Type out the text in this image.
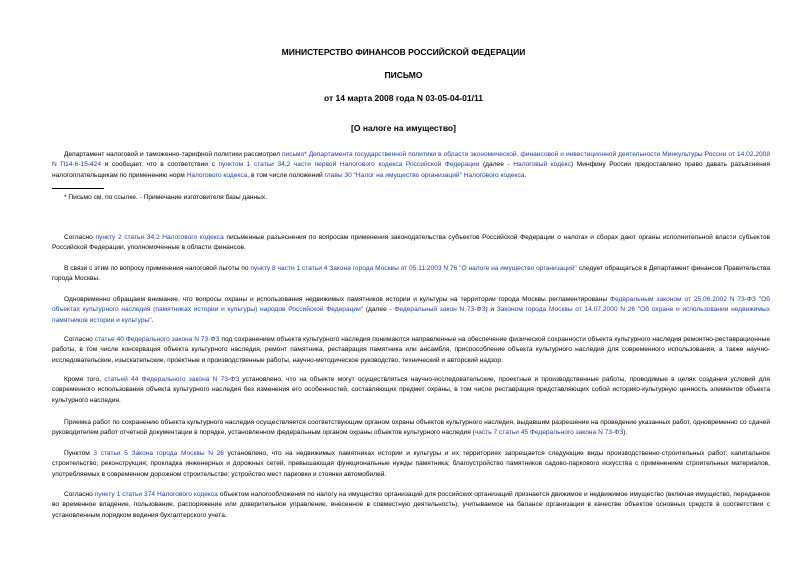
МИНИСТЕРСТВО ФИНАНСОВ РОССИЙСКОЙ ФЕДЕРАЦИИ
ПИСЬМО
от 14 марта 2008 года N 03-05-04-01/11
[О налоге на имущество]

Департамент налоговой и таможенно-тарифной политики рассмотрел письмо* Департамента государственной политики в области экономической, финансовой и инвестиционной деятельности Минкультуры России от 14.02.2008 N П14-6-15-424 и сообщает, что в соответствии с пунктом 1 статьи 34.2 части первой Налогового кодекса Российской Федерации (далее - Налоговый кодекс) Минфину России предоставлено право давать разъяснения налогоплательщикам по применению норм Налогового кодекса, в том числе положений главы 30 "Налог на имущество организаций" Налогового кодекса.

* Письмо см. по ссылке. - Примечание изготовителя базы данных.

Согласно пункту 2 статьи 34.2 Налогового кодекса письменные разъяснения по вопросам применения законодательства субъектов Российской Федерации о налогах и сборах дают органы исполнительной власти субъектов Российской Федерации, уполномоченные в области финансов.

В связи с этим по вопросу применения налоговой льготы по пункту 8 части 1 статьи 4 Закона города Москвы от 05.11.2003 N 76 "О налоге на имущество организаций" следует обращаться в Департамент финансов Правительства города Москвы.

Одновременно обращаем внимание, что вопросы охраны и использования недвижимых памятников истории и культуры на территории города Москвы регламентированы Федеральным законом от 25.06.2002 N 73-ФЗ "Об объектах культурного наследия (памятниках истории и культуры) народов Российской Федерации" (далее - Федеральный закон N 73-ФЗ) и Законом города Москвы от 14.07.2000 N 26 "Об охране и использовании недвижимых памятников истории и культуры".

Согласно статье 40 Федерального закона N 73-ФЗ под сохранением объекта культурного наследия понимаются направленные на обеспечение физической сохранности объекта культурного наследия ремонтно-реставрационные работы, в том числе консервация объекта культурного наследия, ремонт памятника, реставрация памятника или ансамбля, приспособление объекта культурного наследия для современного использования, а также научно-исследовательские, изыскательские, проектные и производственные работы, научно-методическое руководство, технический и авторский надзор.

Кроме того, статьей 44 Федерального закона N 73-ФЗ установлено, что на объекте могут осуществляться научно-исследовательские, проектные и производственные работы, проводимые в целях создания условий для современного использования объекта культурного наследия без изменения его особенностей, составляющих предмет охраны, в том числе реставрация представляющих собой историко-культурную ценность элементов объекта культурного наследия.

Приемка работ по сохранению объекта культурного наследия осуществляется соответствующим органом охраны объектов культурного наследия, выдавшим разрешение на проведение указанных работ, одновременно со сдачей руководителем работ отчетной документации в порядке, установленном федеральным органом охраны объектов культурного наследия (часть 7 статьи 45 Федерального закона N 73-ФЗ).

Пунктом 3 статьи 5 Закона города Москвы N 26 установлено, что на недвижимых памятниках истории и культуры и их территориях запрещается следующие виды производственно-строительных работ: капитальное строительство; реконструкция; прокладка инженерных и дорожных сетей, превышающая функциональные нужды памятника; благоустройство памятников садово-паркового искусства с применением строительных материалов, употребляемых в современном дорожном строительстве; устройство мест парковки и стоянки автомобилей.

Согласно пункту 1 статьи 374 Налогового кодекса объектом налогообложения по налогу на имущество организаций для российских организаций признается движимое и недвижимое имущество (включая имущество, переданное во временное владение, пользование, распоряжение или доверительное управление, внесенное в совместную деятельность), учитываемое на балансе организации в качестве объектов основных средств в соответствии с установленным порядком ведения бухгалтерского учета.
